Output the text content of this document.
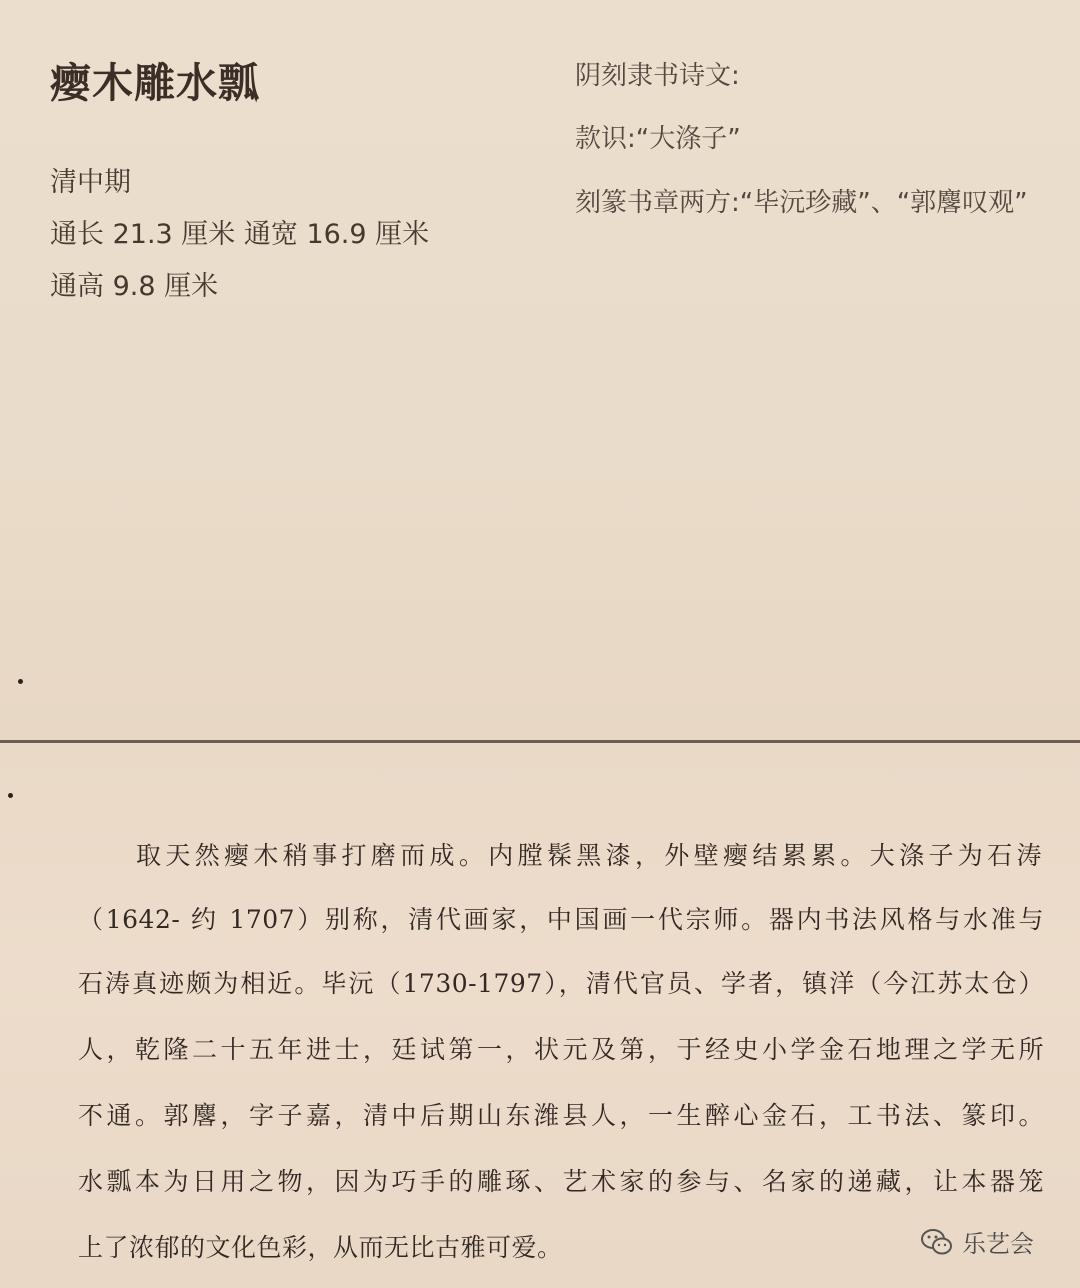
瘿木雕水瓢
清中期
通长 21.3 厘米 通宽 16.9 厘米
通高 9.8 厘米
阴刻隶书诗文:
款识:“大涤子”
刻篆书章两方:“毕沅珍藏”、“郭麐叹观”
取天然瘿木稍事打磨而成。内膛髹黑漆，外壁瘿结累累。大涤子为石涛
（1642- 约 1707）别称，清代画家，中国画一代宗师。器内书法风格与水准与
石涛真迹颇为相近。毕沅（1730-1797），清代官员、学者，镇洋（今江苏太仓）
人，乾隆二十五年进士，廷试第一，状元及第，于经史小学金石地理之学无所
不通。郭麐，字子嘉，清中后期山东潍县人，一生醉心金石，工书法、篆印。
水瓢本为日用之物，因为巧手的雕琢、艺术家的参与、名家的递藏，让本器笼
上了浓郁的文化色彩，从而无比古雅可爱。	乐艺会
